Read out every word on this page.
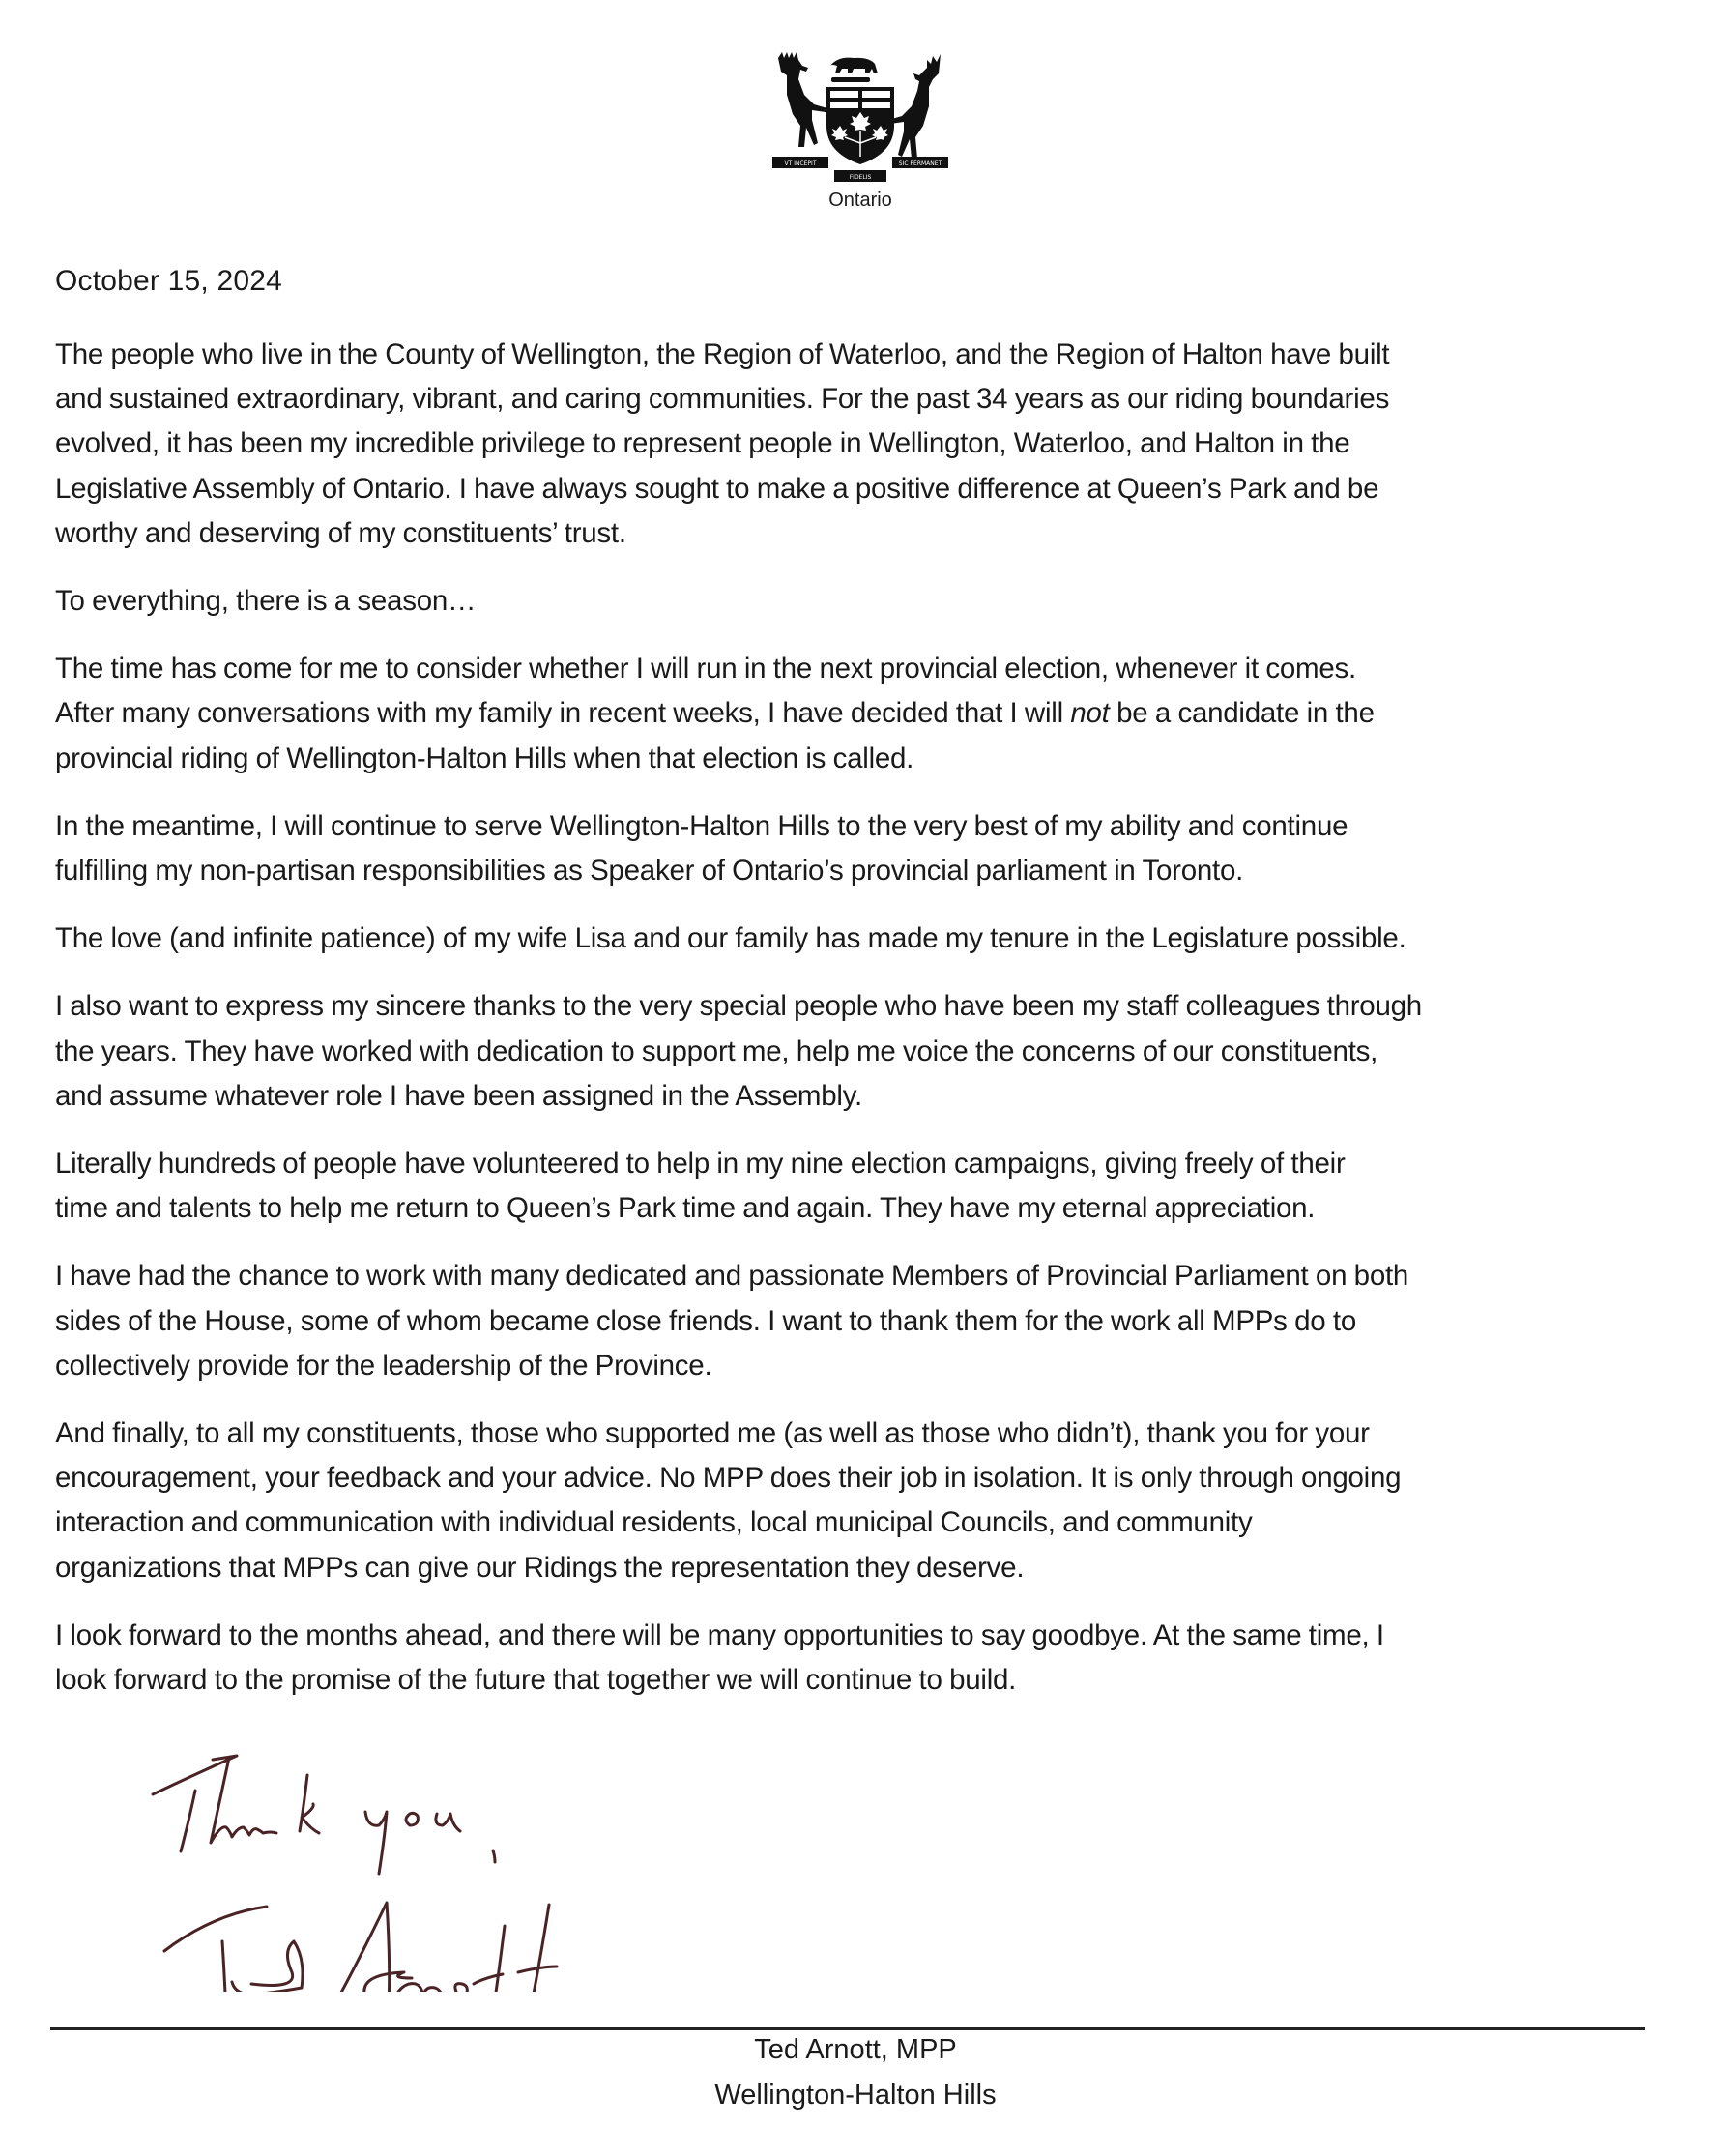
VT INCEPIT	SIC PERMANET
FIDELIS
Ontario
October 15, 2024

The people who live in the County of Wellington, the Region of Waterloo, and the Region of Halton have built
and sustained extraordinary, vibrant, and caring communities. For the past 34 years as our riding boundaries
evolved, it has been my incredible privilege to represent people in Wellington, Waterloo, and Halton in the
Legislative Assembly of Ontario. I have always sought to make a positive difference at Queen’s Park and be
worthy and deserving of my constituents’ trust.

To everything, there is a season…

The time has come for me to consider whether I will run in the next provincial election, whenever it comes.
After many conversations with my family in recent weeks, I have decided that I will not be a candidate in the
provincial riding of Wellington-Halton Hills when that election is called.

In the meantime, I will continue to serve Wellington-Halton Hills to the very best of my ability and continue
fulfilling my non-partisan responsibilities as Speaker of Ontario’s provincial parliament in Toronto.

The love (and infinite patience) of my wife Lisa and our family has made my tenure in the Legislature possible.

I also want to express my sincere thanks to the very special people who have been my staff colleagues through
the years. They have worked with dedication to support me, help me voice the concerns of our constituents,
and assume whatever role I have been assigned in the Assembly.

Literally hundreds of people have volunteered to help in my nine election campaigns, giving freely of their
time and talents to help me return to Queen’s Park time and again. They have my eternal appreciation.

I have had the chance to work with many dedicated and passionate Members of Provincial Parliament on both
sides of the House, some of whom became close friends. I want to thank them for the work all MPPs do to
collectively provide for the leadership of the Province.

And finally, to all my constituents, those who supported me (as well as those who didn’t), thank you for your
encouragement, your feedback and your advice. No MPP does their job in isolation. It is only through ongoing
interaction and communication with individual residents, local municipal Councils, and community
organizations that MPPs can give our Ridings the representation they deserve.

I look forward to the months ahead, and there will be many opportunities to say goodbye. At the same time, I
look forward to the promise of the future that together we will continue to build.

Ted Arnott, MPP
Wellington-Halton Hills
